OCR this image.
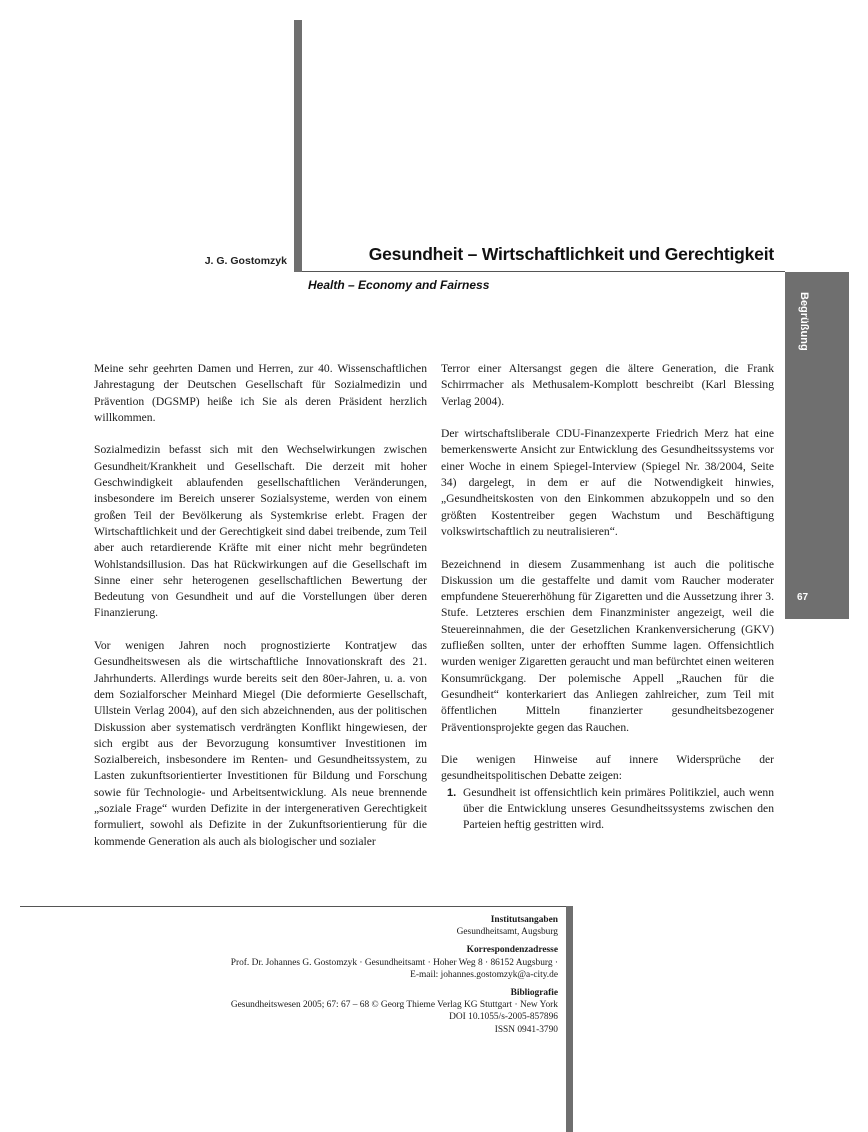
J. G. Gostomzyk	Gesundheit – Wirtschaftlichkeit und Gerechtigkeit
Health – Economy and Fairness
Begrüßung
67

Meine sehr geehrten Damen und Herren, zur 40. Wissenschaftlichen Jahrestagung der Deutschen Gesellschaft für Sozialmedizin und Prävention (DGSMP) heiße ich Sie als deren Präsident herzlich willkommen.

Sozialmedizin befasst sich mit den Wechselwirkungen zwischen Gesundheit/Krankheit und Gesellschaft. Die derzeit mit hoher Geschwindigkeit ablaufenden gesellschaftlichen Veränderungen, insbesondere im Bereich unserer Sozialsysteme, werden von einem großen Teil der Bevölkerung als Systemkrise erlebt. Fragen der Wirtschaftlichkeit und der Gerechtigkeit sind dabei treibende, zum Teil aber auch retardierende Kräfte mit einer nicht mehr begründeten Wohlstandsillusion. Das hat Rückwirkungen auf die Gesellschaft im Sinne einer sehr heterogenen gesellschaftlichen Bewertung der Bedeutung von Gesundheit und auf die Vorstellungen über deren Finanzierung.

Vor wenigen Jahren noch prognostizierte Kontratjew das Gesundheitswesen als die wirtschaftliche Innovationskraft des 21. Jahrhunderts. Allerdings wurde bereits seit den 80er-Jahren, u. a. von dem Sozialforscher Meinhard Miegel (Die deformierte Gesellschaft, Ullstein Verlag 2004), auf den sich abzeichnenden, aus der politischen Diskussion aber systematisch verdrängten Konflikt hingewiesen, der sich ergibt aus der Bevorzugung konsumtiver Investitionen im Sozialbereich, insbesondere im Renten- und Gesundheitssystem, zu Lasten zukunftsorientierter Investitionen für Bildung und Forschung sowie für Technologie- und Arbeitsentwicklung. Als neue brennende „soziale Frage“ wurden Defizite in der intergenerativen Gerechtigkeit formuliert, sowohl als Defizite in der Zukunftsorientierung für die kommende Generation als auch als biologischer und sozialer

Terror einer Altersangst gegen die ältere Generation, die Frank Schirrmacher als Methusalem-Komplott beschreibt (Karl Blessing Verlag 2004).

Der wirtschaftsliberale CDU-Finanzexperte Friedrich Merz hat eine bemerkenswerte Ansicht zur Entwicklung des Gesundheitssystems vor einer Woche in einem Spiegel-Interview (Spiegel Nr. 38/2004, Seite 34) dargelegt, in dem er auf die Notwendigkeit hinwies, „Gesundheitskosten von den Einkommen abzukoppeln und so den größten Kostentreiber gegen Wachstum und Beschäftigung volkswirtschaftlich zu neutralisieren“.

Bezeichnend in diesem Zusammenhang ist auch die politische Diskussion um die gestaffelte und damit vom Raucher moderater empfundene Steuererhöhung für Zigaretten und die Aussetzung ihrer 3. Stufe. Letzteres erschien dem Finanzminister angezeigt, weil die Steuereinnahmen, die der Gesetzlichen Krankenversicherung (GKV) zufließen sollten, unter der erhofften Summe lagen. Offensichtlich wurden weniger Zigaretten geraucht und man befürchtet einen weiteren Konsumrückgang. Der polemische Appell „Rauchen für die Gesundheit“ konterkariert das Anliegen zahlreicher, zum Teil mit öffentlichen Mitteln finanzierter gesundheitsbezogener Präventionsprojekte gegen das Rauchen.

Die wenigen Hinweise auf innere Widersprüche der gesundheitspolitischen Debatte zeigen:

1. Gesundheit ist offensichtlich kein primäres Politikziel, auch wenn über die Entwicklung unseres Gesundheitssystems zwischen den Parteien heftig gestritten wird.
Institutsangaben
Gesundheitsamt, Augsburg
Korrespondenzadresse
Prof. Dr. Johannes G. Gostomzyk · Gesundheitsamt · Hoher Weg 8 · 86152 Augsburg ·
E-mail: johannes.gostomzyk@a-city.de
Bibliografie
Gesundheitswesen 2005; 67: 67 – 68 © Georg Thieme Verlag KG Stuttgart · New York
DOI 10.1055/s-2005-857896
ISSN 0941-3790
